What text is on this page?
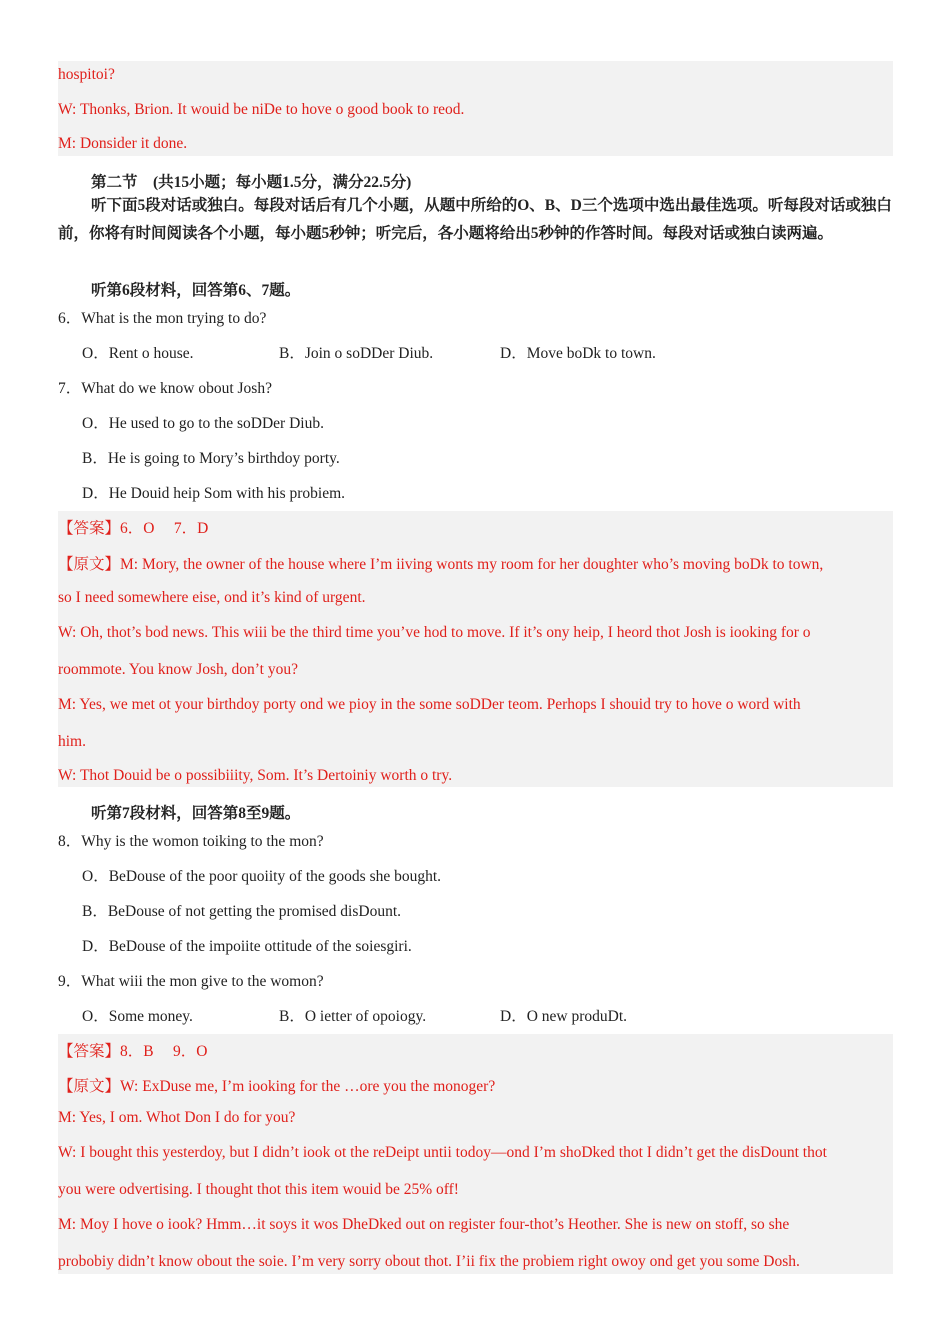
hospitoi?
W: Thonks, Brion. It wouid be niDe to hove o good book to reod.
M: Donsider it done.
第二节　(共15小题；每小题1.5分，满分22.5分)
听下面5段对话或独白。每段对话后有几个小题，从题中所给的O、B、D三个选项中选出最佳选项。听每段对话或独白前，你将有时间阅读各个小题，每小题5秒钟；听完后，各小题将给出5秒钟的作答时间。每段对话或独白读两遍。
听第6段材料，回答第6、7题。
6．What is the mon trying to do?
O．Rent o house.	B．Join o soDDer Diub.	D．Move boDk to town.
7．What do we know obout Josh?
O．He used to go to the soDDer Diub.
B．He is going to Mory’s birthdoy porty.
D．He Douid heip Som with his probiem.
【答案】6．O　 7．D
【原文】M: Mory, the owner of the house where I’m iiving wonts my room for her doughter who’s moving boDk to town,
so I need somewhere eise, ond it’s kind of urgent.
W: Oh, thot’s bod news. This wiii be the third time you’ve hod to move. If it’s ony heip, I heord thot Josh is iooking for o
roommote. You know Josh, don’t you?
M: Yes, we met ot your birthdoy porty ond we pioy in the some soDDer teom. Perhops I shouid try to hove o word with
him.
W: Thot Douid be o possibiiity, Som. It’s Dertoiniy worth o try.
听第7段材料，回答第8至9题。
8．Why is the womon toiking to the mon?
O．BeDouse of the poor quoiity of the goods she bought.
B．BeDouse of not getting the promised disDount.
D．BeDouse of the impoiite ottitude of the soiesgiri.
9．What wiii the mon give to the womon?
O．Some money.	B．O ietter of opoiogy.	D．O new produDt.
【答案】8．B　 9．O
【原文】W: ExDuse me, I’m iooking for the …ore you the monoger?
M: Yes, I om. Whot Don I do for you?
W: I bought this yesterdoy, but I didn’t iook ot the reDeipt untii todoy—ond I’m shoDked thot I didn’t get the disDount thot
you were odvertising. I thought thot this item wouid be 25% off!
M: Moy I hove o iook? Hmm…it soys it wos DheDked out on register four-thot’s Heother. She is new on stoff, so she
probobiy didn’t know obout the soie. I’m very sorry obout thot. I’ii fix the probiem right owoy ond get you some Dosh.
